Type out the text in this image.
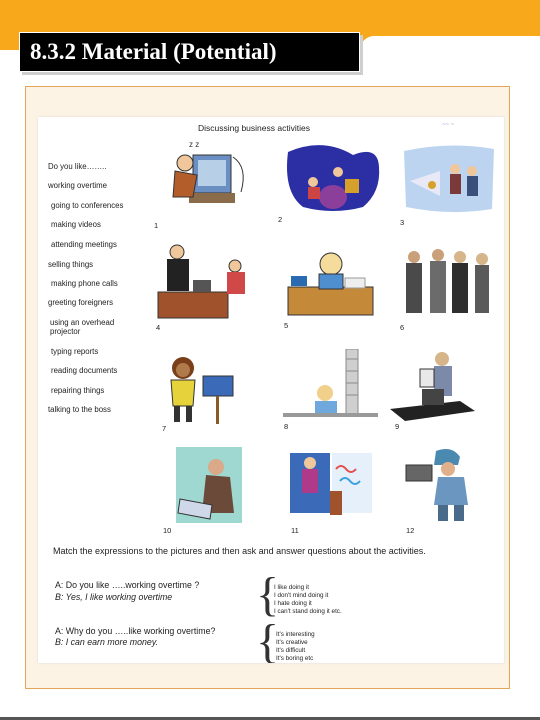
8.3.2 Material (Potential)
Discussing business activities	~~ ~
Do you like……..
working overtime
going to conferences
making videos
attending meetings
selling things
making phone calls
greeting foreigners
using an overhead projector
typing reports
reading documents
repairing things
talking to the boss
z z
1
2	3
4	5	6
7	8	9
10	11	12
Match the expressions to the pictures and then ask and answer questions about the activities.
A: Do you like …..working overtime ?
B: Yes, I like working overtime {
I like doing it
I don't mind doing it
I hate doing it
I can't stand doing it etc.
A: Why do you …..like working overtime?
B: I can earn more money. {
It's interesting
It's creative
It's difficult
It's boring etc
